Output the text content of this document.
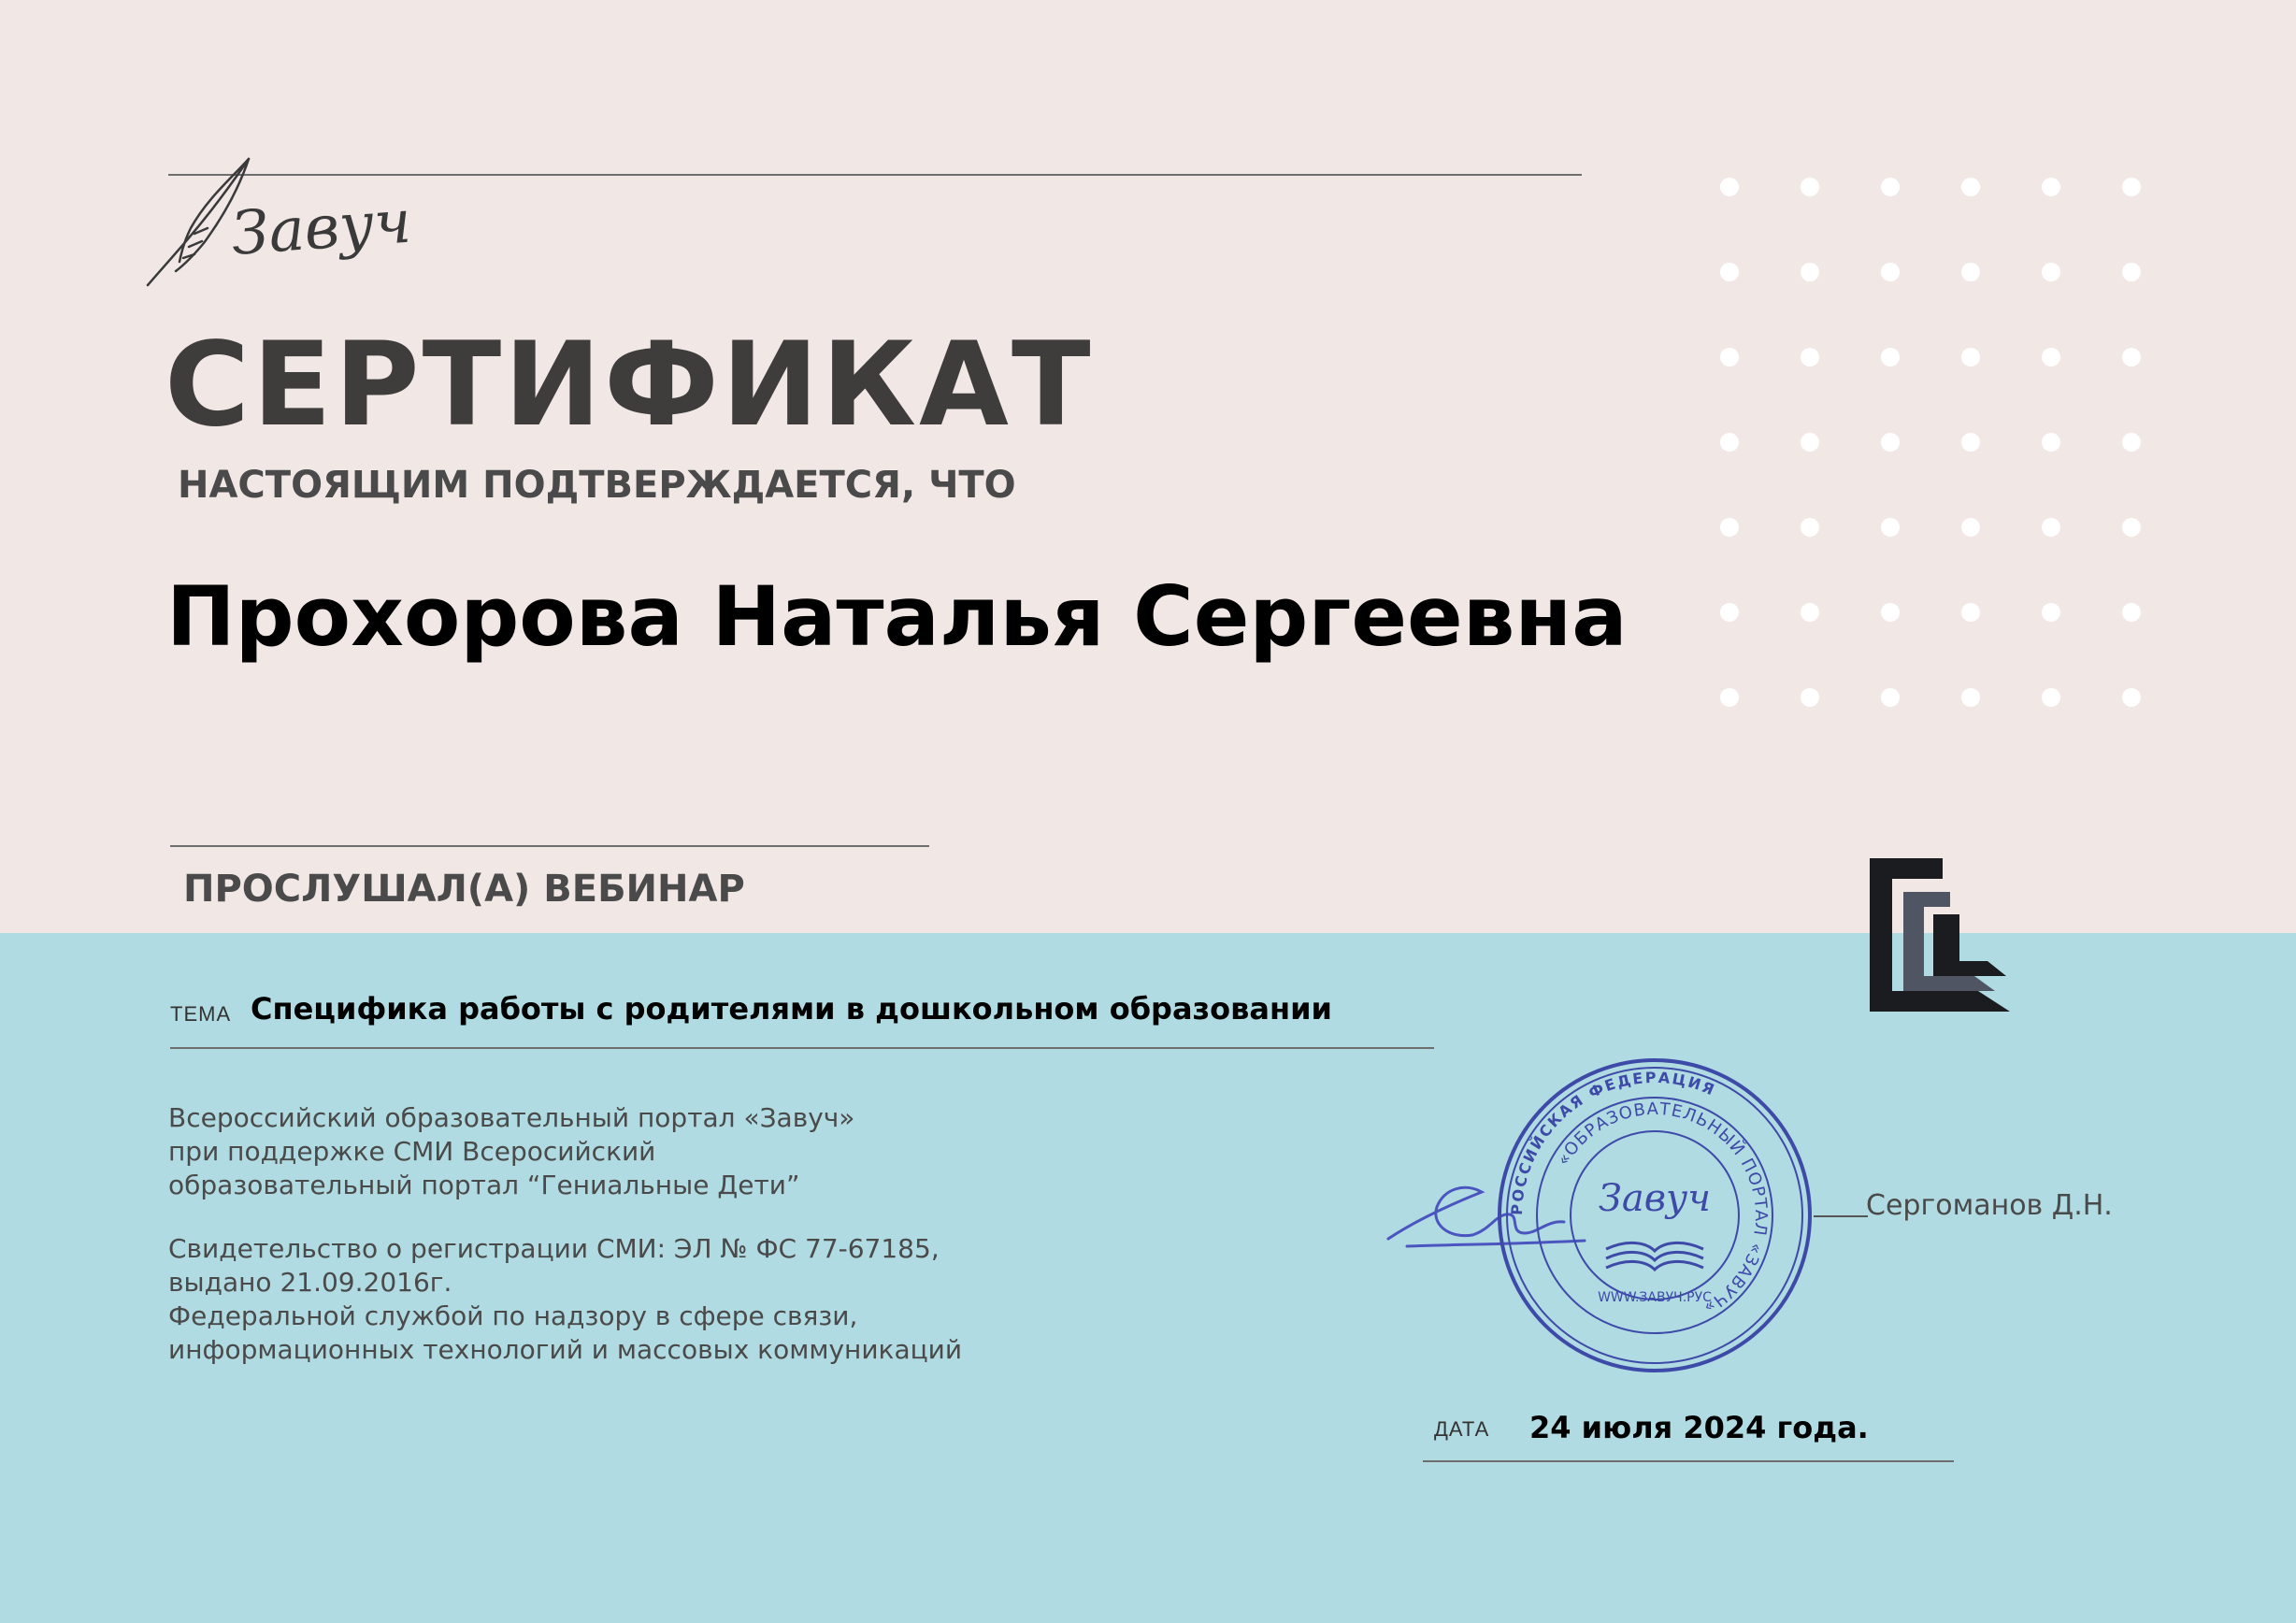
Завуч
СЕРТИФИКАТ
НАСТОЯЩИМ ПОДТВЕРЖДАЕТСЯ, ЧТО
Прохорова Наталья Сергеевна
ПРОСЛУШАЛ(А) ВЕБИНАР
ТЕМА Специфика работы с родителями в дошкольном образовании
Всероссийский образовательный портал «Завуч»
при поддержке СМИ Всеросийский
образовательный портал “Гениальные Дети”
Свидетельство о регистрации СМИ: ЭЛ № ФС 77-67185,
выдано 21.09.2016г.
Федеральной службой по надзору в сфере связи,
информационных технологий и массовых коммуникаций
РОССИЙСКАЯ ФЕДЕРАЦИЯ
«ОБРАЗОВАТЕЛЬНЫЙ ПОРТАЛ «ЗАВУЧ»
Завуч
WWW.ЗАВУЧ.РУС
Сергоманов Д.Н.
ДАТА 24 июля 2024 года.
